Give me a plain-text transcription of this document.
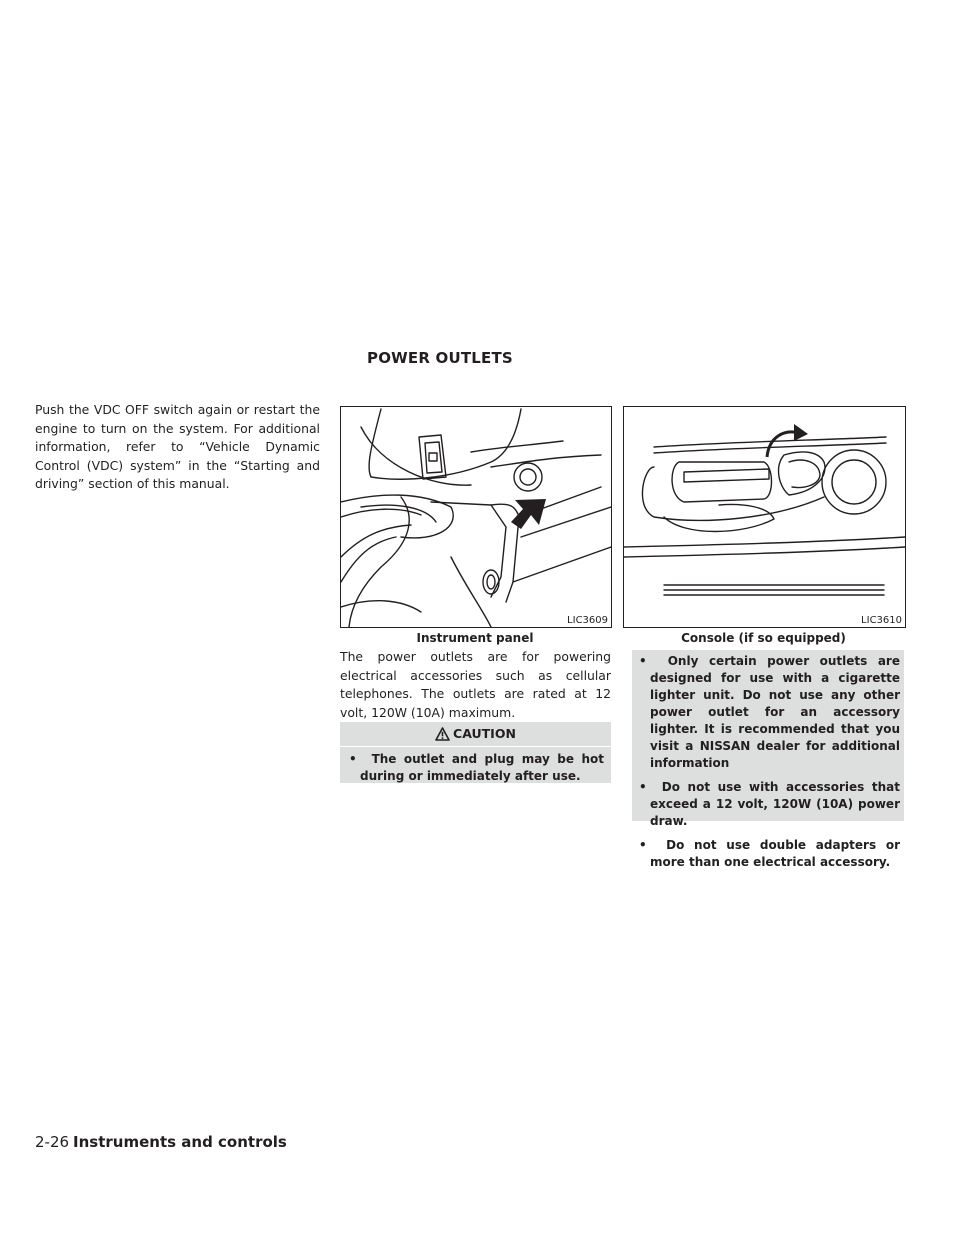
POWER OUTLETS
Push the VDC OFF switch again or restart the engine to turn on the system. For additional information, refer to “Vehicle Dynamic Control (VDC) system” in the “Starting and driving” section of this manual.
LIC3609	LIC3610
Instrument panel	Console (if so equipped)
The power outlets are for powering electrical accessories such as cellular telephones. The outlets are rated at 12 volt, 120W (10A) maximum.
CAUTION
•  The outlet and plug may be hot during or immediately after use.
•  Only certain power outlets are designed for use with a cigarette lighter unit. Do not use any other power outlet for an accessory lighter. It is recommended that you visit a NISSAN dealer for additional information
•  Do not use with accessories that exceed a 12 volt, 120W (10A) power draw.
•  Do not use double adapters or more than one electrical accessory.
2-26 Instruments and controls
